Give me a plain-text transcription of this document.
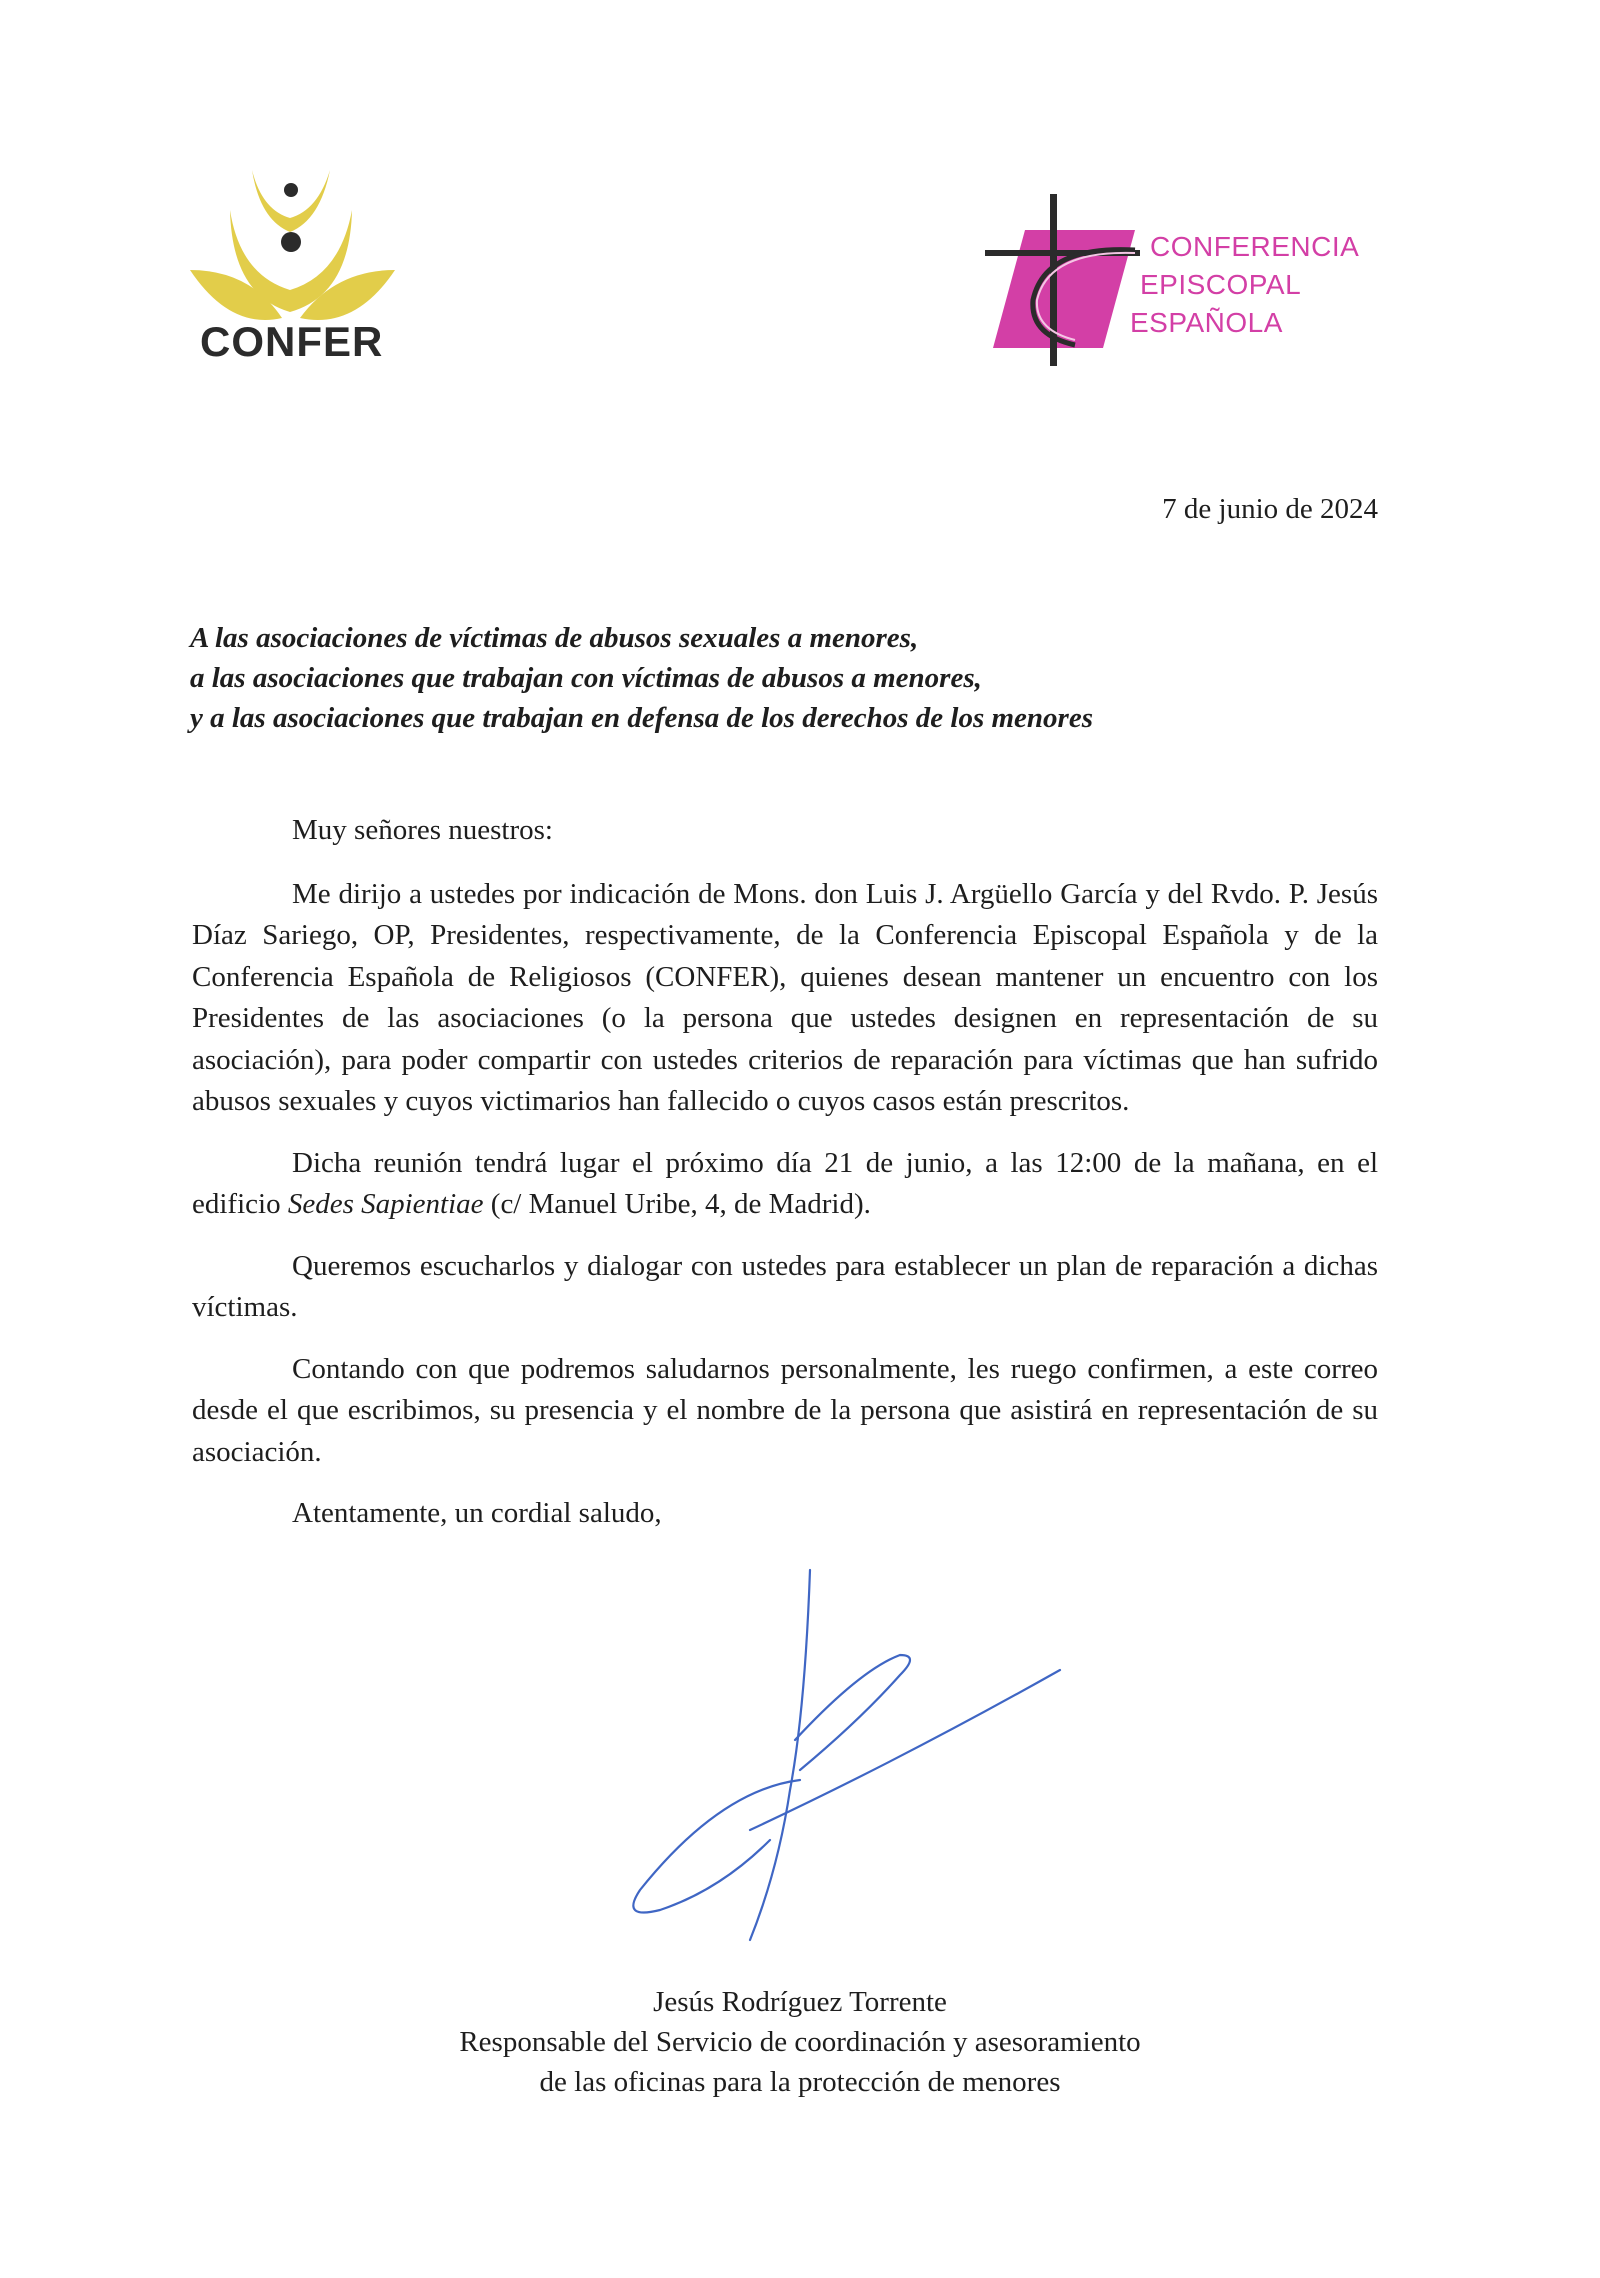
CONFER
CONFERENCIA
EPISCOPAL
ESPAÑOLA
7 de junio de 2024
A las asociaciones de víctimas de abusos sexuales a menores,
a las asociaciones que trabajan con víctimas de abusos a menores,
y a las asociaciones que trabajan en defensa de los derechos de los menores

Muy señores nuestros:

Me dirijo a ustedes por indicación de Mons. don Luis J. Argüello García y del Rvdo. P. Jesús Díaz Sariego, OP, Presidentes, respectivamente, de la Conferencia Episcopal Española y de la Conferencia Española de Religiosos (CONFER), quienes desean mantener un encuentro con los Presidentes de las asociaciones (o la persona que ustedes designen en representación de su asociación), para poder compartir con ustedes criterios de reparación para víctimas que han sufrido abusos sexuales y cuyos victimarios han fallecido o cuyos casos están prescritos.

Dicha reunión tendrá lugar el próximo día 21 de junio, a las 12:00 de la mañana, en el edificio Sedes Sapientiae (c/ Manuel Uribe, 4, de Madrid).

Queremos escucharlos y dialogar con ustedes para establecer un plan de reparación a dichas víctimas.

Contando con que podremos saludarnos personalmente, les ruego confirmen, a este correo desde el que escribimos, su presencia y el nombre de la persona que asistirá en representación de su asociación.

Atentamente, un cordial saludo,

Jesús Rodríguez Torrente
Responsable del Servicio de coordinación y asesoramiento
de las oficinas para la protección de menores
